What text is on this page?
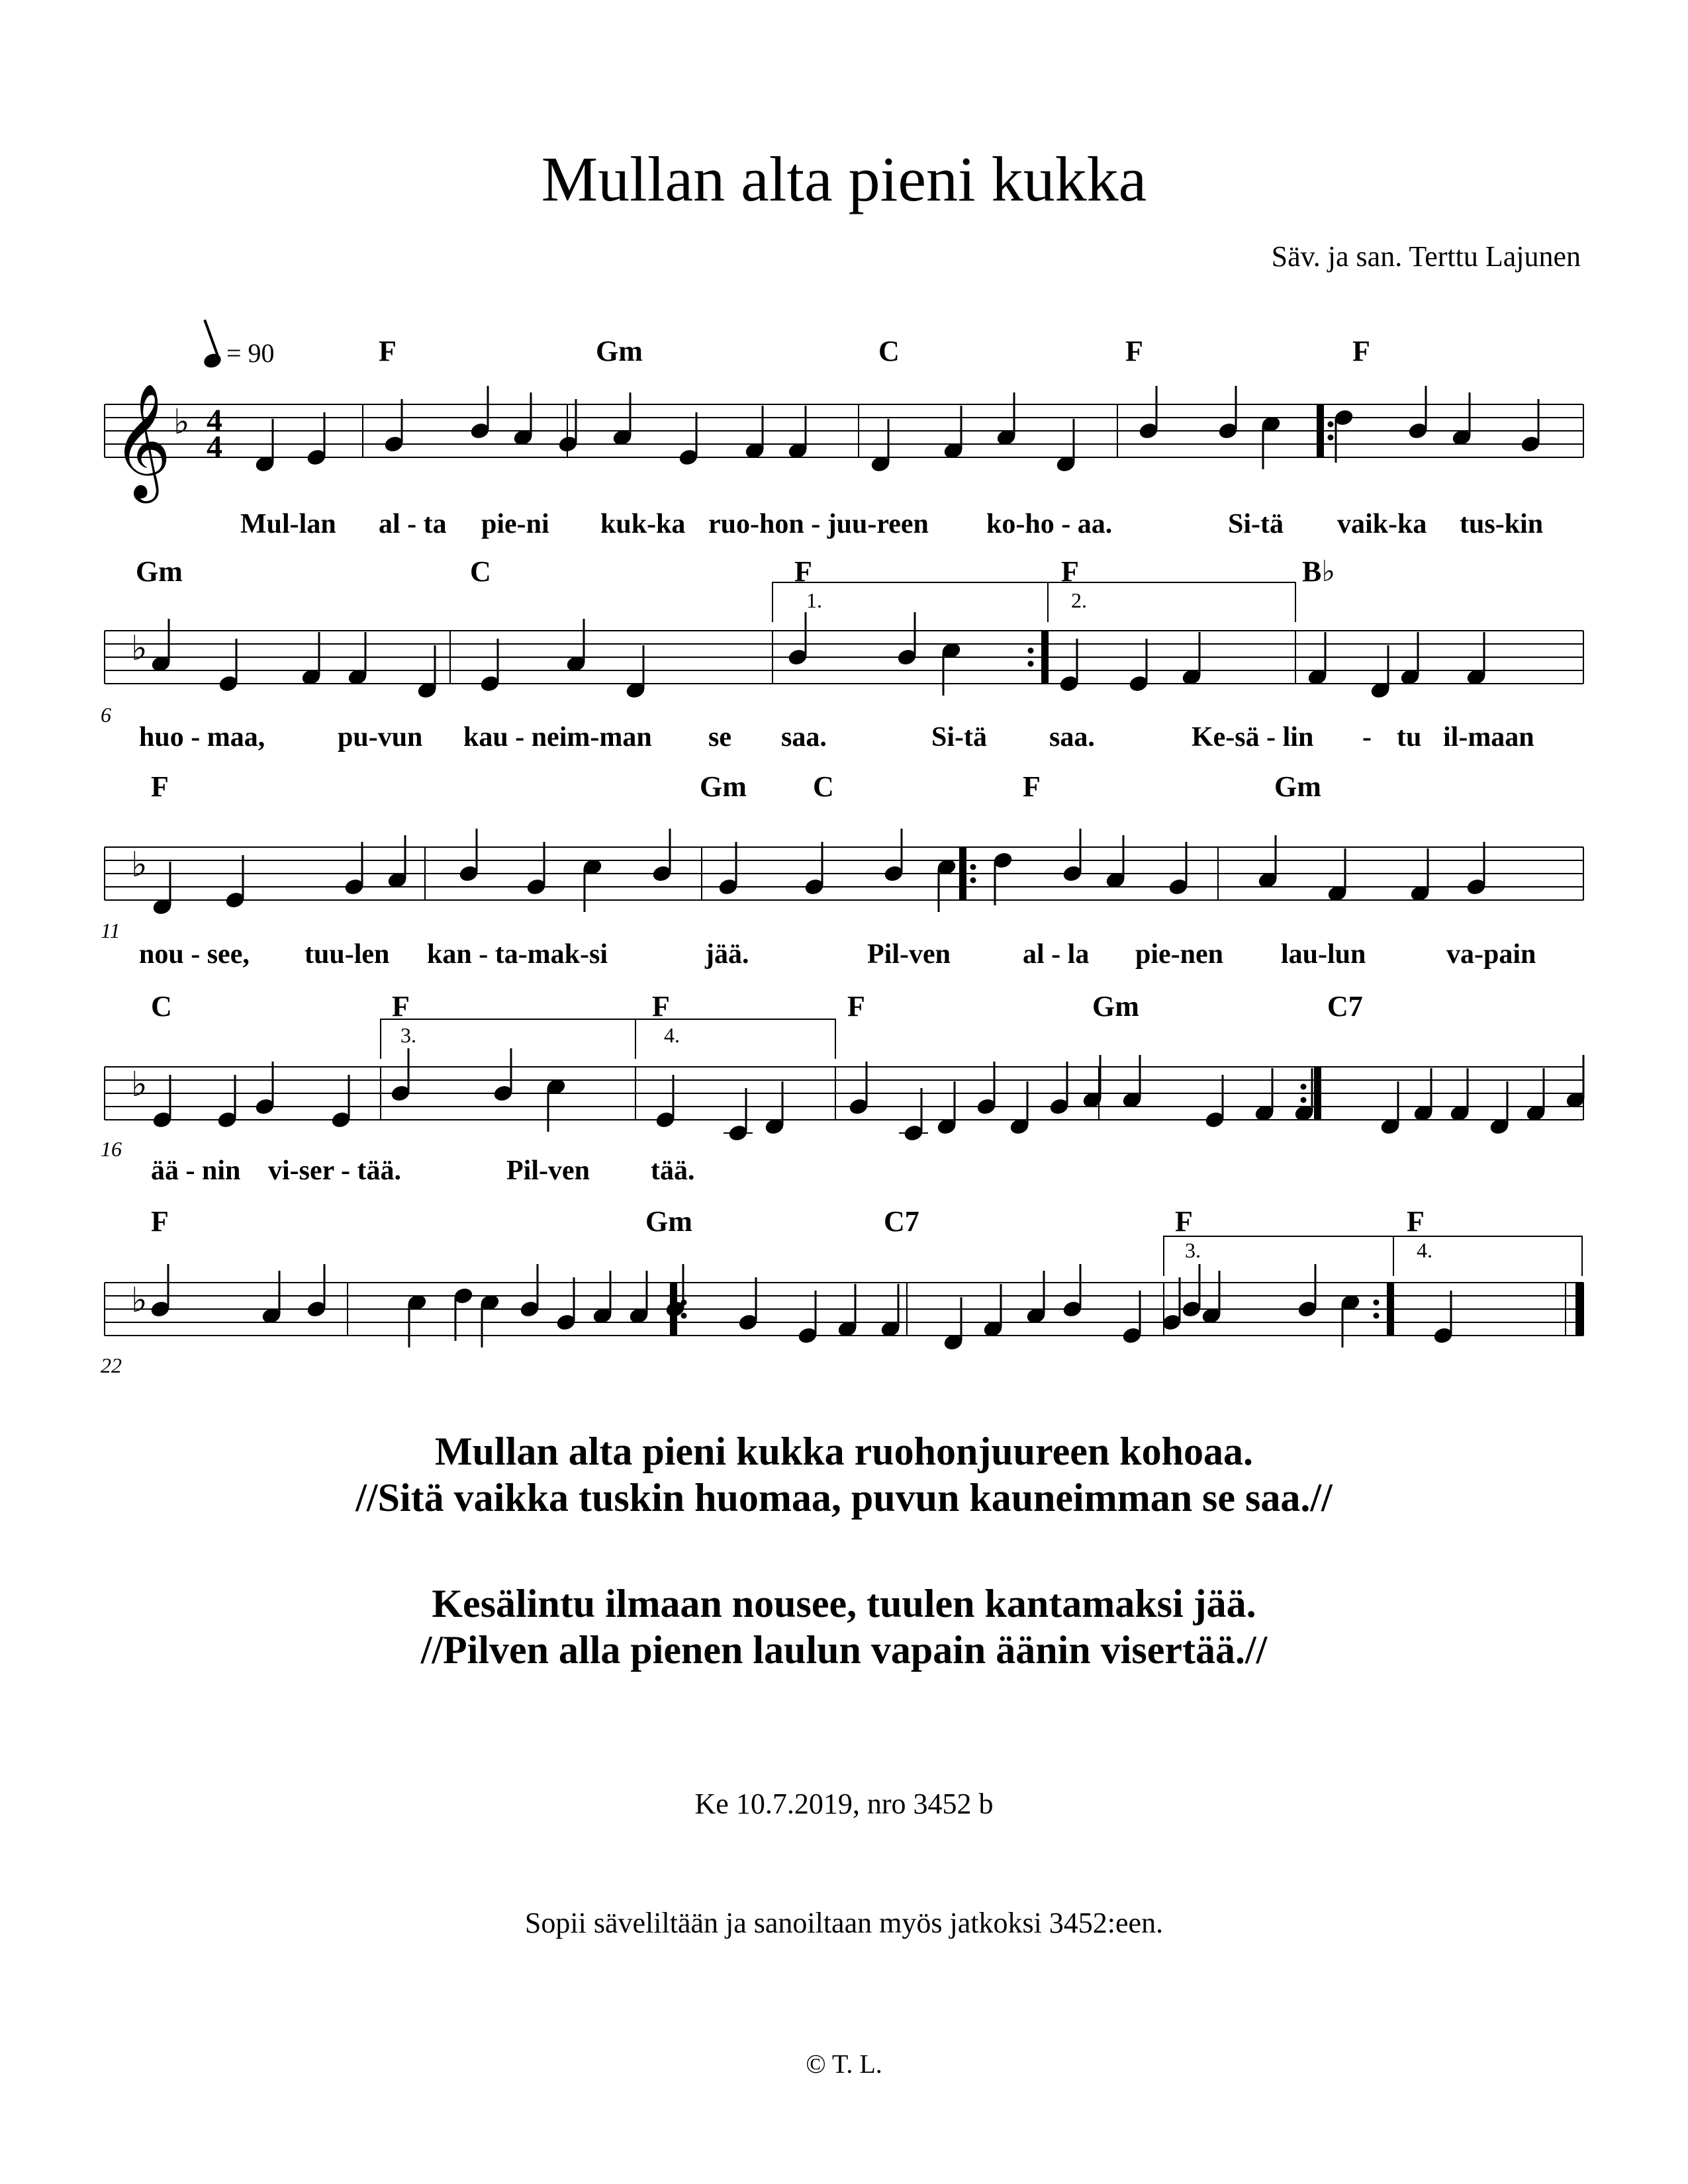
Mullan alta pieni kukka
Säv. ja san. Terttu Lajunen
= 90	F	Gm	C	F	F
Gm	C	F	F	B♭
F	Gm C	F	Gm
C	F	F	F	Gm	C7
F	Gm	C7	F	F
Mul-lan al - ta pie-ni kuk-ka ruo-hon - juu-reen ko-ho - aa.	Si-tä vaik-ka tus-kin
huo - maa,	pu-vun kau - neim-man se saa.	Si-tä saa.	Ke-sä - lin - tu il-maan
nou - see, tuu-len kan - ta-mak-si	jää.	Pil-ven	al - la pie-nen lau-lun	va-pain
ää - nin vi-ser - tää.	Pil-ven tää.
6
11
16
22
𝄞 4
4
♭
♭
♭
♭
♭
1.	2.
3.	4.
3.	4.
Mullan alta pieni kukka ruohonjuureen kohoaa.
//Sitä vaikka tuskin huomaa, puvun kauneimman se saa.//
Kesälintu ilmaan nousee, tuulen kantamaksi jää.
//Pilven alla pienen laulun vapain äänin visertää.//
Ke 10.7.2019, nro 3452 b
Sopii säveliltään ja sanoiltaan myös jatkoksi 3452:een.
© T. L.
